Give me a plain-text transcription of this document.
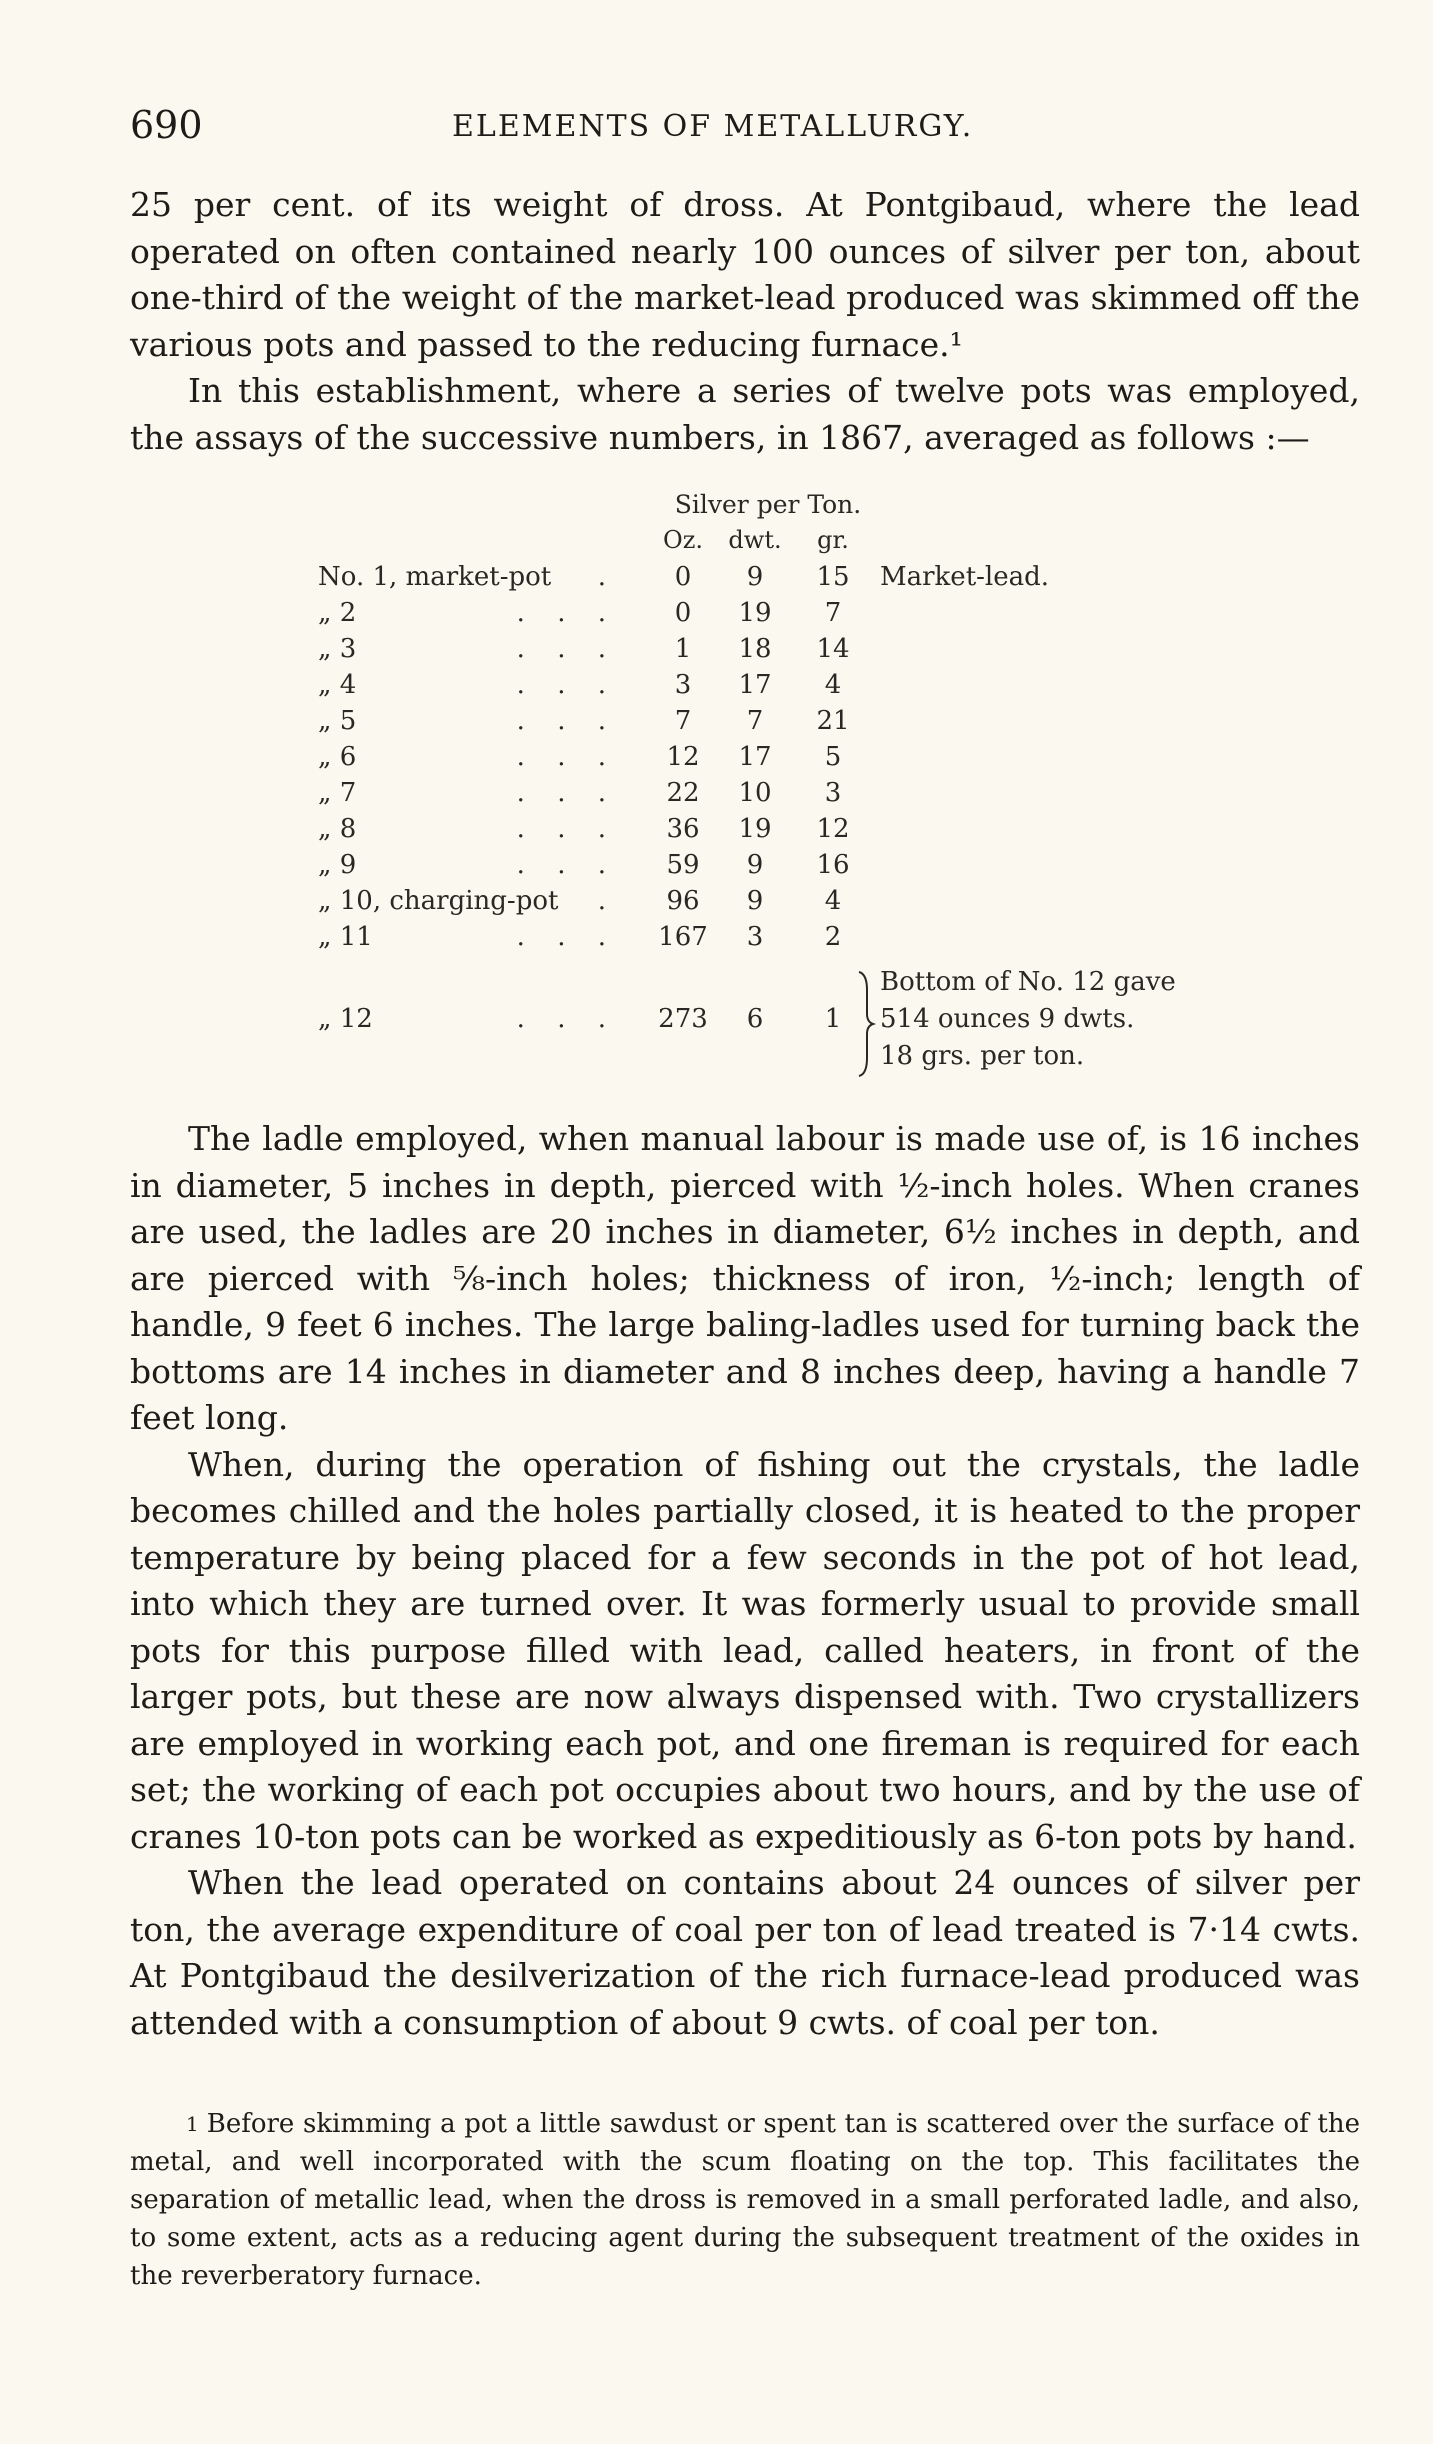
690	ELEMENTS OF METALLURGY.

25 per cent. of its weight of dross. At Pontgibaud, where the lead operated on often contained nearly 100 ounces of silver per ton, about one-third of the weight of the market-lead produced was skimmed off the various pots and passed to the reducing furnace.¹

In this establishment, where a series of twelve pots was employed, the assays of the successive numbers, in 1867, averaged as follows :—

Silver per Ton.
Oz.	dwt.	gr.
No. 1, market-pot .	0	9	15	Market-lead.
„ 2	. . .	0	19	7
„ 3	. . .	1	18	14
„ 4	. . .	3	17	4
„ 5	. . .	7	7	21
„ 6	. . .	12	17	5
„ 7	. . .	22	10	3
„ 8	. . .	36	19	12
„ 9	. . .	59	9	16
„ 10, charging-pot .	96	9	4
„ 11	. . .	167	3	2
Bottom of No. 12 gave
„ 12	. . .	273	6	1	514 ounces 9 dwts.
18 grs. per ton.

The ladle employed, when manual labour is made use of, is 16 inches in diameter, 5 inches in depth, pierced with ½-inch holes. When cranes are used, the ladles are 20 inches in diameter, 6½ inches in depth, and are pierced with ⅝-inch holes; thickness of iron, ½-inch; length of handle, 9 feet 6 inches. The large baling-ladles used for turning back the bottoms are 14 inches in diameter and 8 inches deep, having a handle 7 feet long.

When, during the operation of fishing out the crystals, the ladle becomes chilled and the holes partially closed, it is heated to the proper temperature by being placed for a few seconds in the pot of hot lead, into which they are turned over. It was formerly usual to provide small pots for this purpose filled with lead, called heaters, in front of the larger pots, but these are now always dispensed with. Two crystallizers are employed in working each pot, and one fireman is required for each set; the working of each pot occupies about two hours, and by the use of cranes 10-ton pots can be worked as expeditiously as 6-ton pots by hand.

When the lead operated on contains about 24 ounces of silver per ton, the average expenditure of coal per ton of lead treated is 7·14 cwts. At Pontgibaud the desilverization of the rich furnace-lead produced was attended with a consumption of about 9 cwts. of coal per ton.

$^1$ Before skimming a pot a little sawdust or spent tan is scattered over the surface of the metal, and well incorporated with the scum floating on the top. This facilitates the separation of metallic lead, when the dross is removed in a small perforated ladle, and also, to some extent, acts as a reducing agent during the subsequent treatment of the oxides in the reverberatory furnace.
